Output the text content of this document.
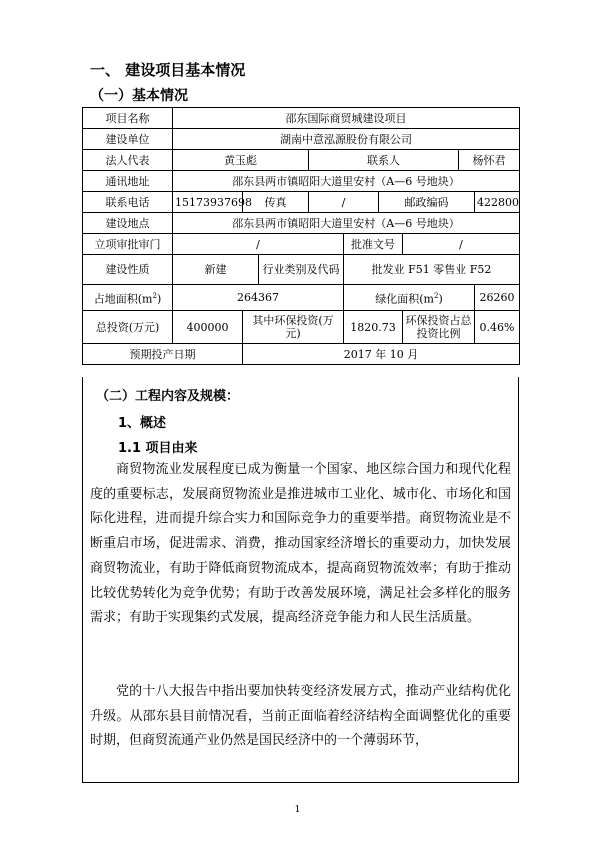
一、 建设项目基本情况
（一）基本情况
项目名称	邵东国际商贸城建设项目								
建设单位	湖南中意泓源股份有限公司								
法人代表	黄玉彪			联系人				杨怀君	
通讯地址	邵东县两市镇昭阳大道里安村（A—6 号地块）								
联系电话	15173937698	传真		/		邮政编码			422800
建设地点	邵东县两市镇昭阳大道里安村（A—6 号地块）								
立项审批审门	/				批准文号		/		
建设性质	新建		行业类别及代码		批发业 F51 零售业 F52				
占地面积$(m^2)$	264367				绿化面积$(m^2)$				26260
总投资(万元)	400000	其中环保投资(万元)			1820.73		环保投资占总投资比例		0.46%
预期投产日期		2017 年 10 月							
（二）工程内容及规模：
1、概述
1.1 项目由来
商贸物流业发展程度已成为衡量一个国家、地区综合国力和现代化程度的重要标志，发展商贸物流业是推进城市工业化、城市化、市场化和国际化进程，进而提升综合实力和国际竞争力的重要举措。商贸物流业是不断重启市场，促进需求、消费，推动国家经济增长的重要动力，加快发展商贸物流业，有助于降低商贸物流成本，提高商贸物流效率；有助于推动比较优势转化为竞争优势；有助于改善发展环境，满足社会多样化的服务需求；有助于实现集约式发展，提高经济竞争能力和人民生活质量。
党的十八大报告中指出要加快转变经济发展方式，推动产业结构优化升级。从邵东县目前情况看，当前正面临着经济结构全面调整优化的重要时期，但商贸流通产业仍然是国民经济中的一个薄弱环节，
1
